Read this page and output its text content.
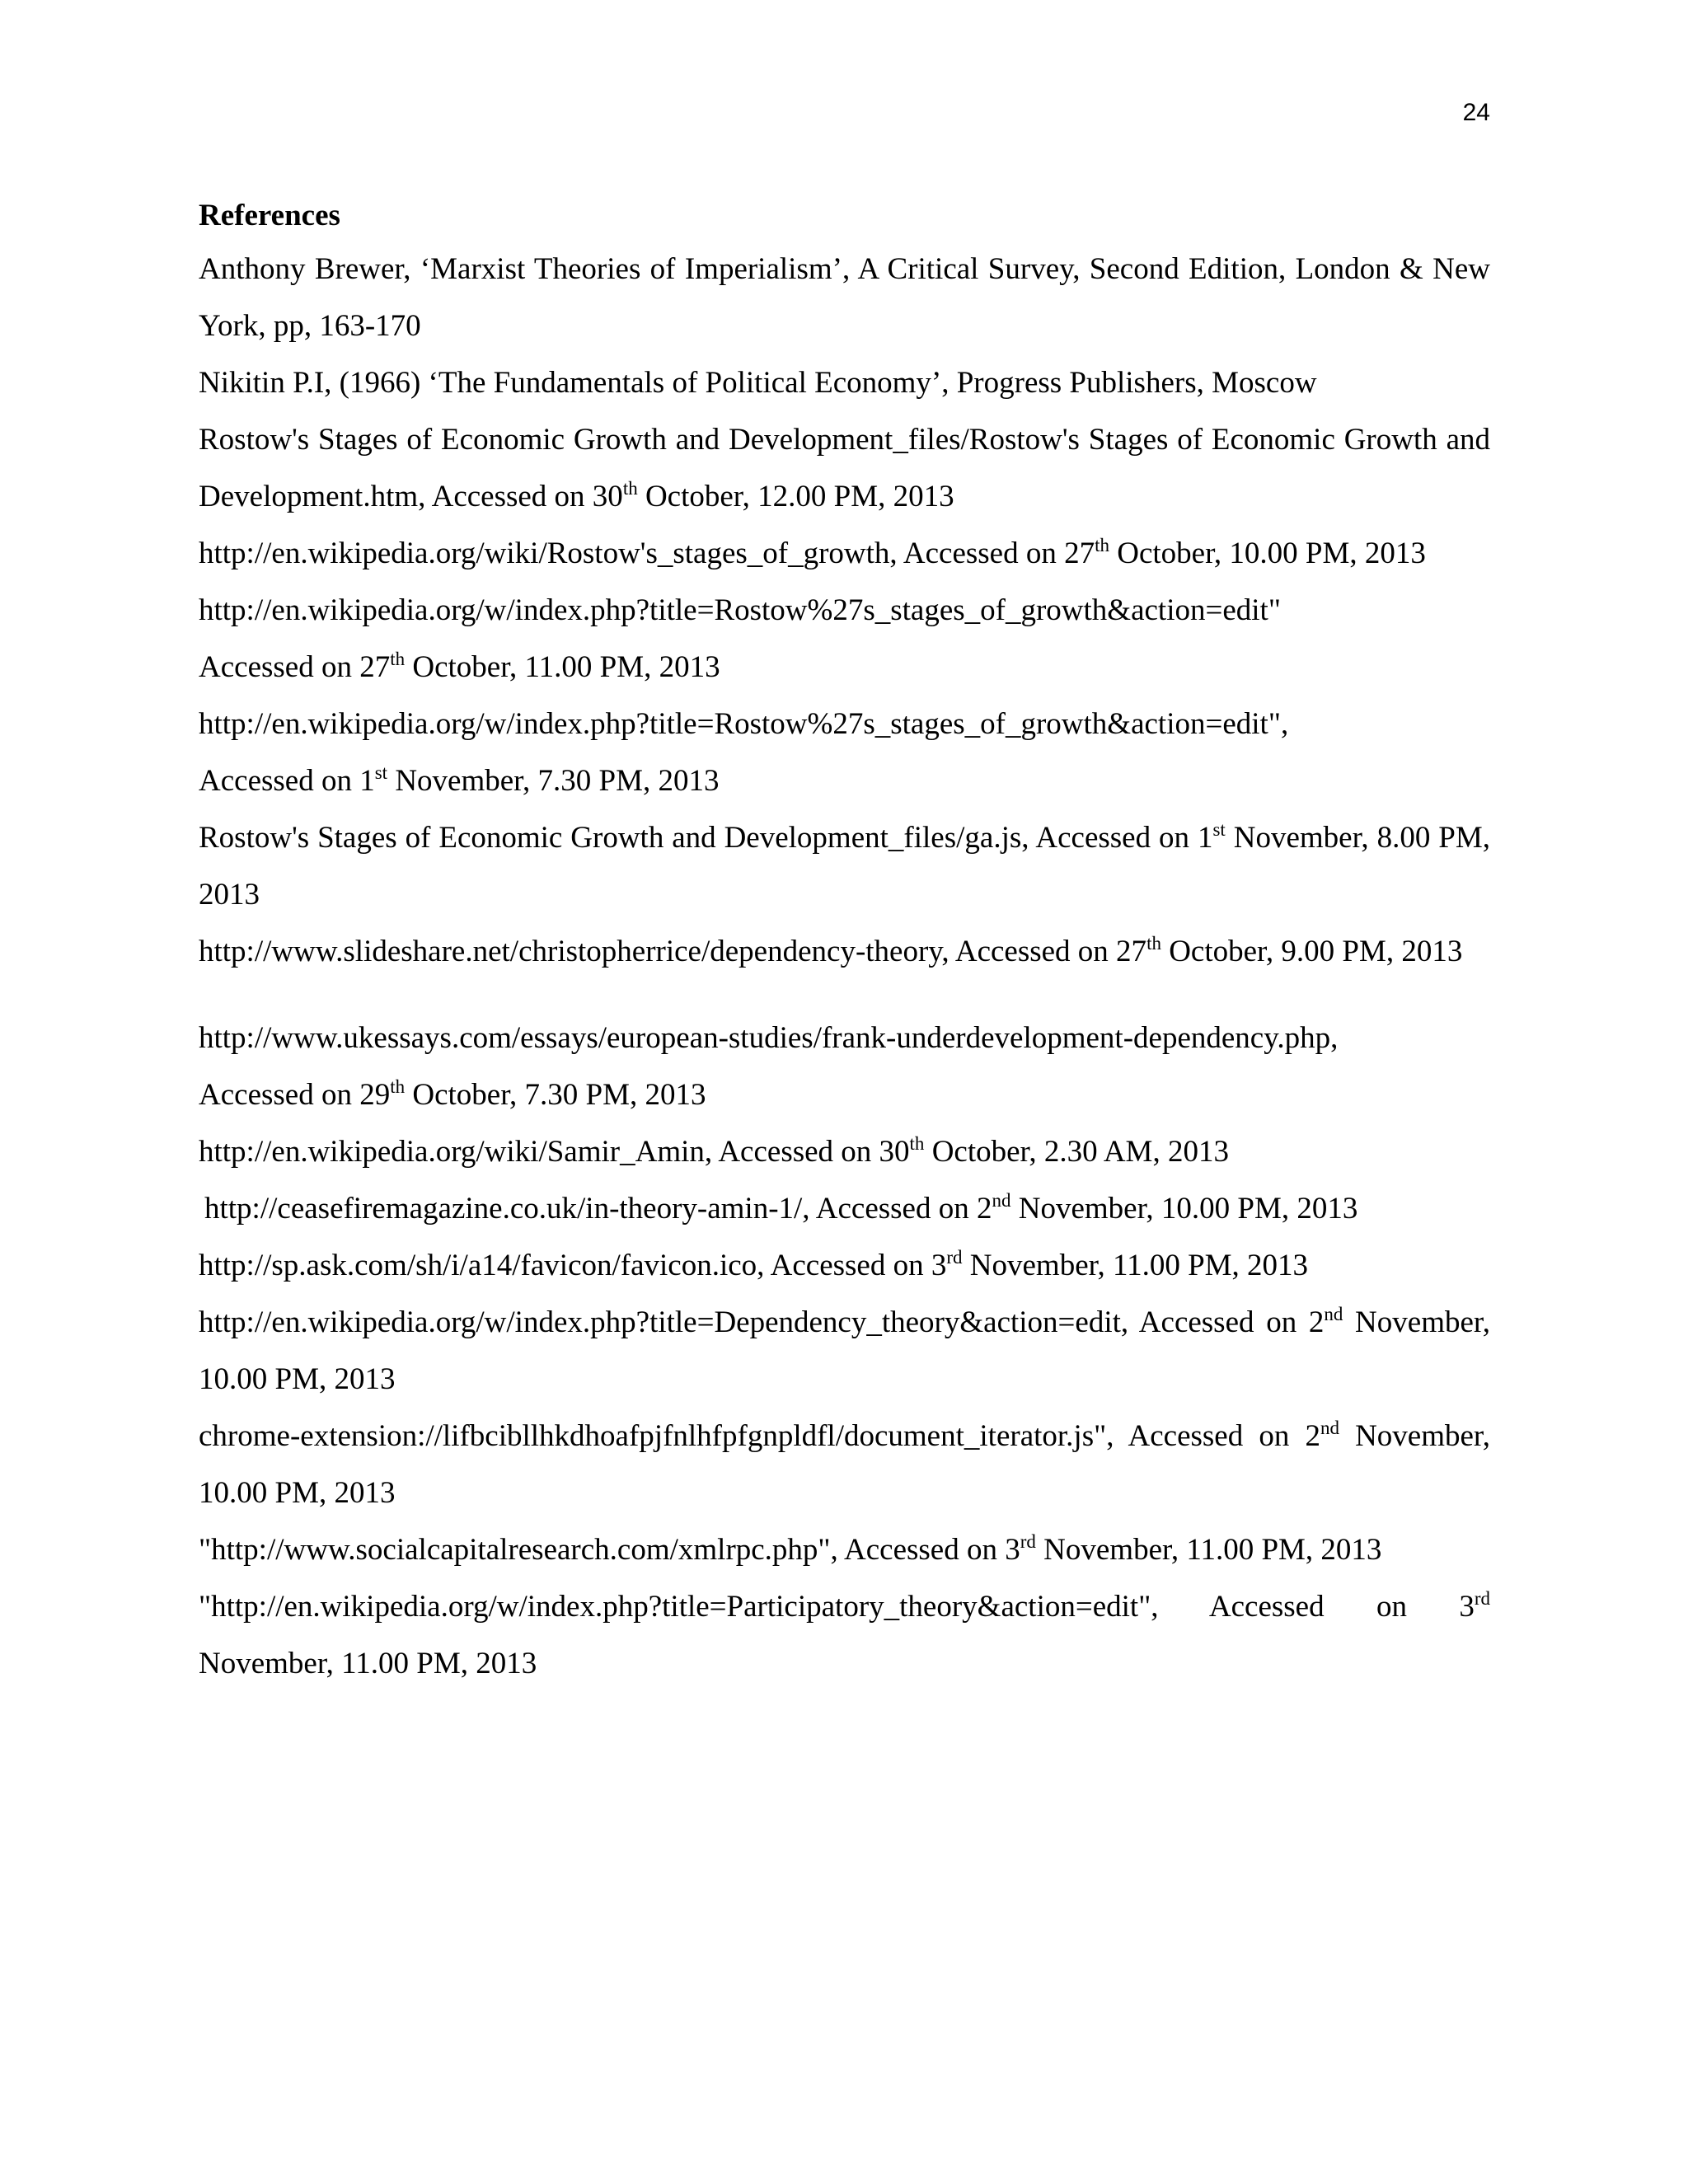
24
References

Anthony Brewer, ‘Marxist Theories of Imperialism’, A Critical Survey, Second Edition, London & New York, pp, 163-170

Nikitin P.I, (1966) ‘The Fundamentals of Political Economy’, Progress Publishers, Moscow

Rostow's Stages of Economic Growth and Development_files/Rostow's Stages of Economic Growth and Development.htm, Accessed on 30th October, 12.00 PM, 2013

http://en.wikipedia.org/wiki/Rostow's_stages_of_growth, Accessed on 27th October, 10.00 PM, 2013

http://en.wikipedia.org/w/index.php?title=Rostow%27s_stages_of_growth&action=edit"

Accessed on 27th October, 11.00 PM, 2013

http://en.wikipedia.org/w/index.php?title=Rostow%27s_stages_of_growth&action=edit",

Accessed on 1st November, 7.30 PM, 2013

Rostow's Stages of Economic Growth and Development_files/ga.js, Accessed on 1st November, 8.00 PM, 2013

http://www.slideshare.net/christopherrice/dependency-theory, Accessed on 27th October, 9.00 PM, 2013

http://www.ukessays.com/essays/european-studies/frank-underdevelopment-dependency.php,

Accessed on 29th October, 7.30 PM, 2013

http://en.wikipedia.org/wiki/Samir_Amin, Accessed on 30th October, 2.30 AM, 2013

http://ceasefiremagazine.co.uk/in-theory-amin-1/, Accessed on 2nd November, 10.00 PM, 2013

http://sp.ask.com/sh/i/a14/favicon/favicon.ico, Accessed on 3rd November, 11.00 PM, 2013

http://en.wikipedia.org/w/index.php?title=Dependency_theory&action=edit, Accessed on 2nd November, 10.00 PM, 2013

chrome-extension://lifbcibllhkdhoafpjfnlhfpfgnpldfl/document_iterator.js", Accessed on 2nd November, 10.00 PM, 2013

"http://www.socialcapitalresearch.com/xmlrpc.php", Accessed on 3rd November, 11.00 PM, 2013

"http://en.wikipedia.org/w/index.php?title=Participatory_theory&action=edit", Accessed on 3rd November, 11.00 PM, 2013
